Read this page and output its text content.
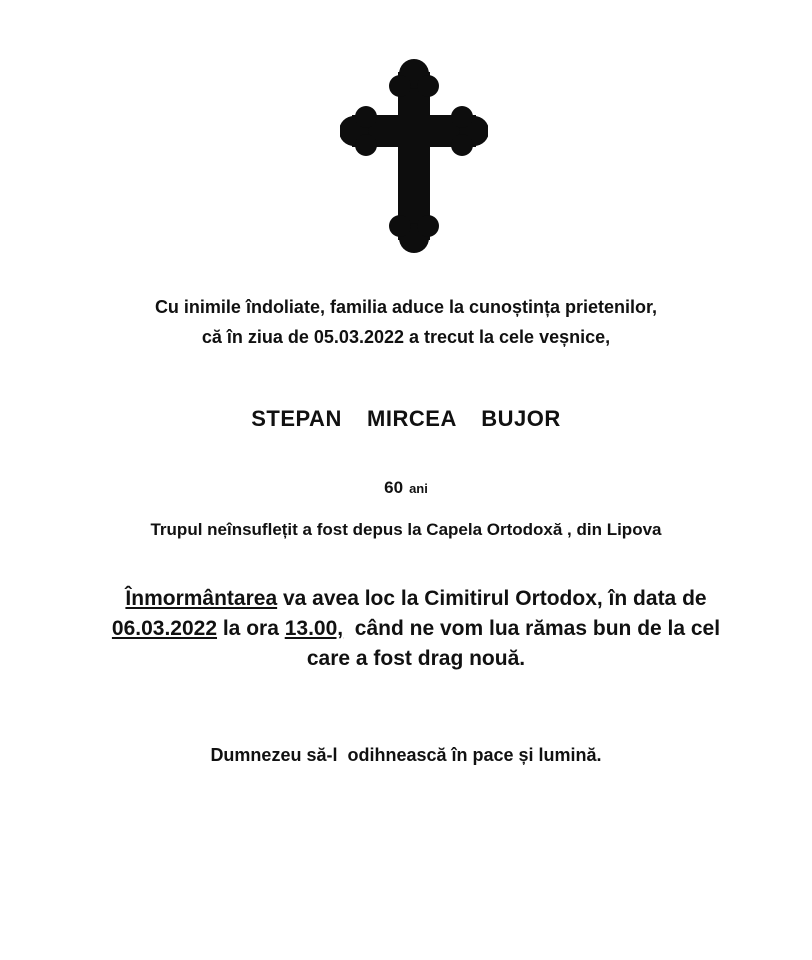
Cu inimile îndoliate, familia aduce la cunoștința prietenilor,
că în ziua de 05.03.2022 a trecut la cele veșnice,
STEPAN  MIRCEA  BUJOR
60 ani
Trupul neînsuflețit a fost depus la Capela Ortodoxă , din Lipova
Înmormântarea va avea loc la Cimitirul Ortodox, în data de 06.03.2022 la ora 13.00,  când ne vom lua rămas bun de la cel care a fost drag nouă.
Dumnezeu să-l  odihnească în pace și lumină.
